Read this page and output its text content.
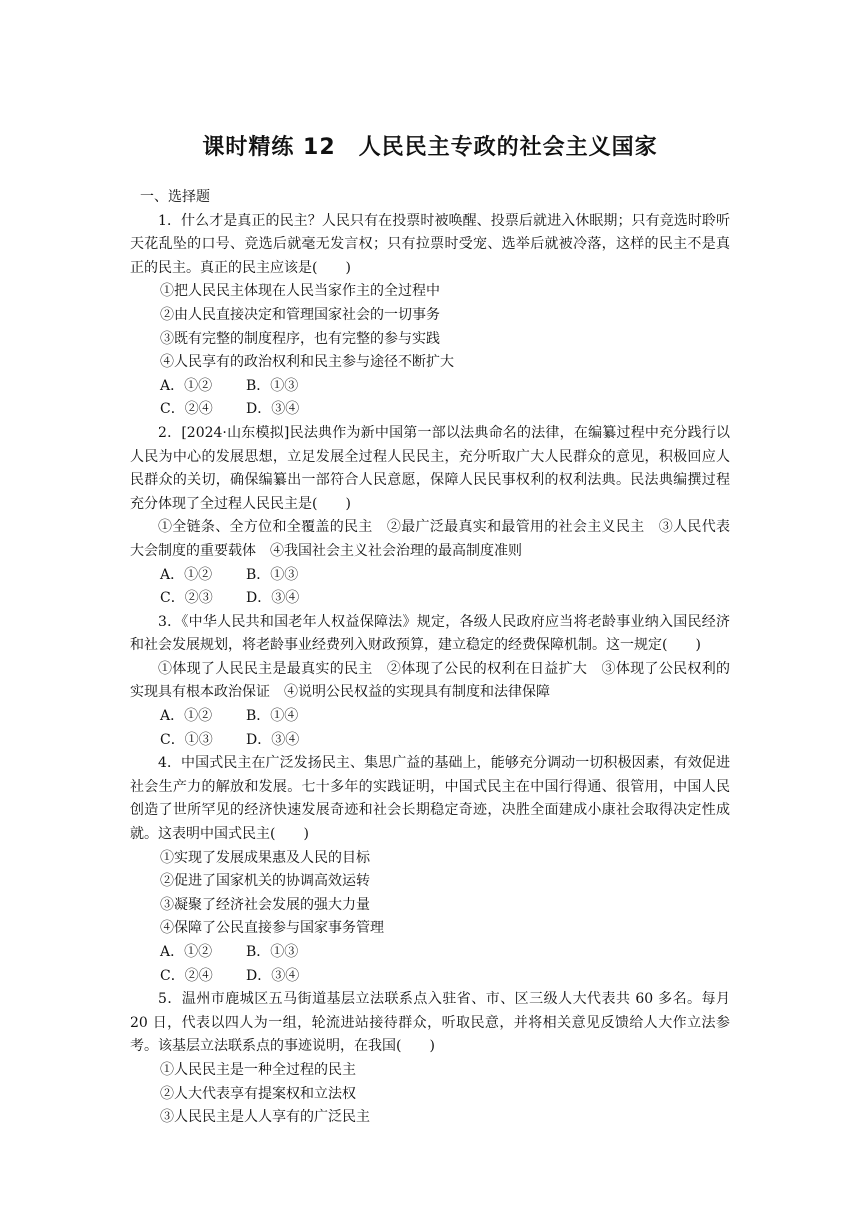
课时精练 12　人民民主专政的社会主义国家
一、选择题
1．什么才是真正的民主？人民只有在投票时被唤醒、投票后就进入休眠期；只有竞选时聆听天花乱坠的口号、竞选后就毫无发言权；只有拉票时受宠、选举后就被冷落，这样的民主不是真正的民主。真正的民主应该是(　　)
①把人民民主体现在人民当家作主的全过程中
②由人民直接决定和管理国家社会的一切事务
③既有完整的制度程序，也有完整的参与实践
④人民享有的政治权利和民主参与途径不断扩大
A．①② B．①③
C．②④ D．③④
2．[2024·山东模拟]民法典作为新中国第一部以法典命名的法律，在编纂过程中充分践行以人民为中心的发展思想，立足发展全过程人民民主，充分听取广大人民群众的意见，积极回应人民群众的关切，确保编纂出一部符合人民意愿，保障人民民事权利的权利法典。民法典编撰过程充分体现了全过程人民民主是(　　)
①全链条、全方位和全覆盖的民主　②最广泛最真实和最管用的社会主义民主　③人民代表大会制度的重要载体　④我国社会主义社会治理的最高制度准则
A．①② B．①③
C．②③ D．③④
3．《中华人民共和国老年人权益保障法》规定，各级人民政府应当将老龄事业纳入国民经济和社会发展规划，将老龄事业经费列入财政预算，建立稳定的经费保障机制。这一规定(　　)
①体现了人民民主是最真实的民主　②体现了公民的权利在日益扩大　③体现了公民权利的实现具有根本政治保证　④说明公民权益的实现具有制度和法律保障
A．①② B．①④
C．①③ D．③④
4．中国式民主在广泛发扬民主、集思广益的基础上，能够充分调动一切积极因素，有效促进社会生产力的解放和发展。七十多年的实践证明，中国式民主在中国行得通、很管用，中国人民创造了世所罕见的经济快速发展奇迹和社会长期稳定奇迹，决胜全面建成小康社会取得决定性成就。这表明中国式民主(　　)
①实现了发展成果惠及人民的目标
②促进了国家机关的协调高效运转
③凝聚了经济社会发展的强大力量
④保障了公民直接参与国家事务管理
A．①② B．①③
C．②④ D．③④
5．温州市鹿城区五马街道基层立法联系点入驻省、市、区三级人大代表共 60 多名。每月 20 日，代表以四人为一组，轮流进站接待群众，听取民意，并将相关意见反馈给人大作立法参考。该基层立法联系点的事迹说明，在我国(　　)
①人民民主是一种全过程的民主
②人大代表享有提案权和立法权
③人民民主是人人享有的广泛民主
